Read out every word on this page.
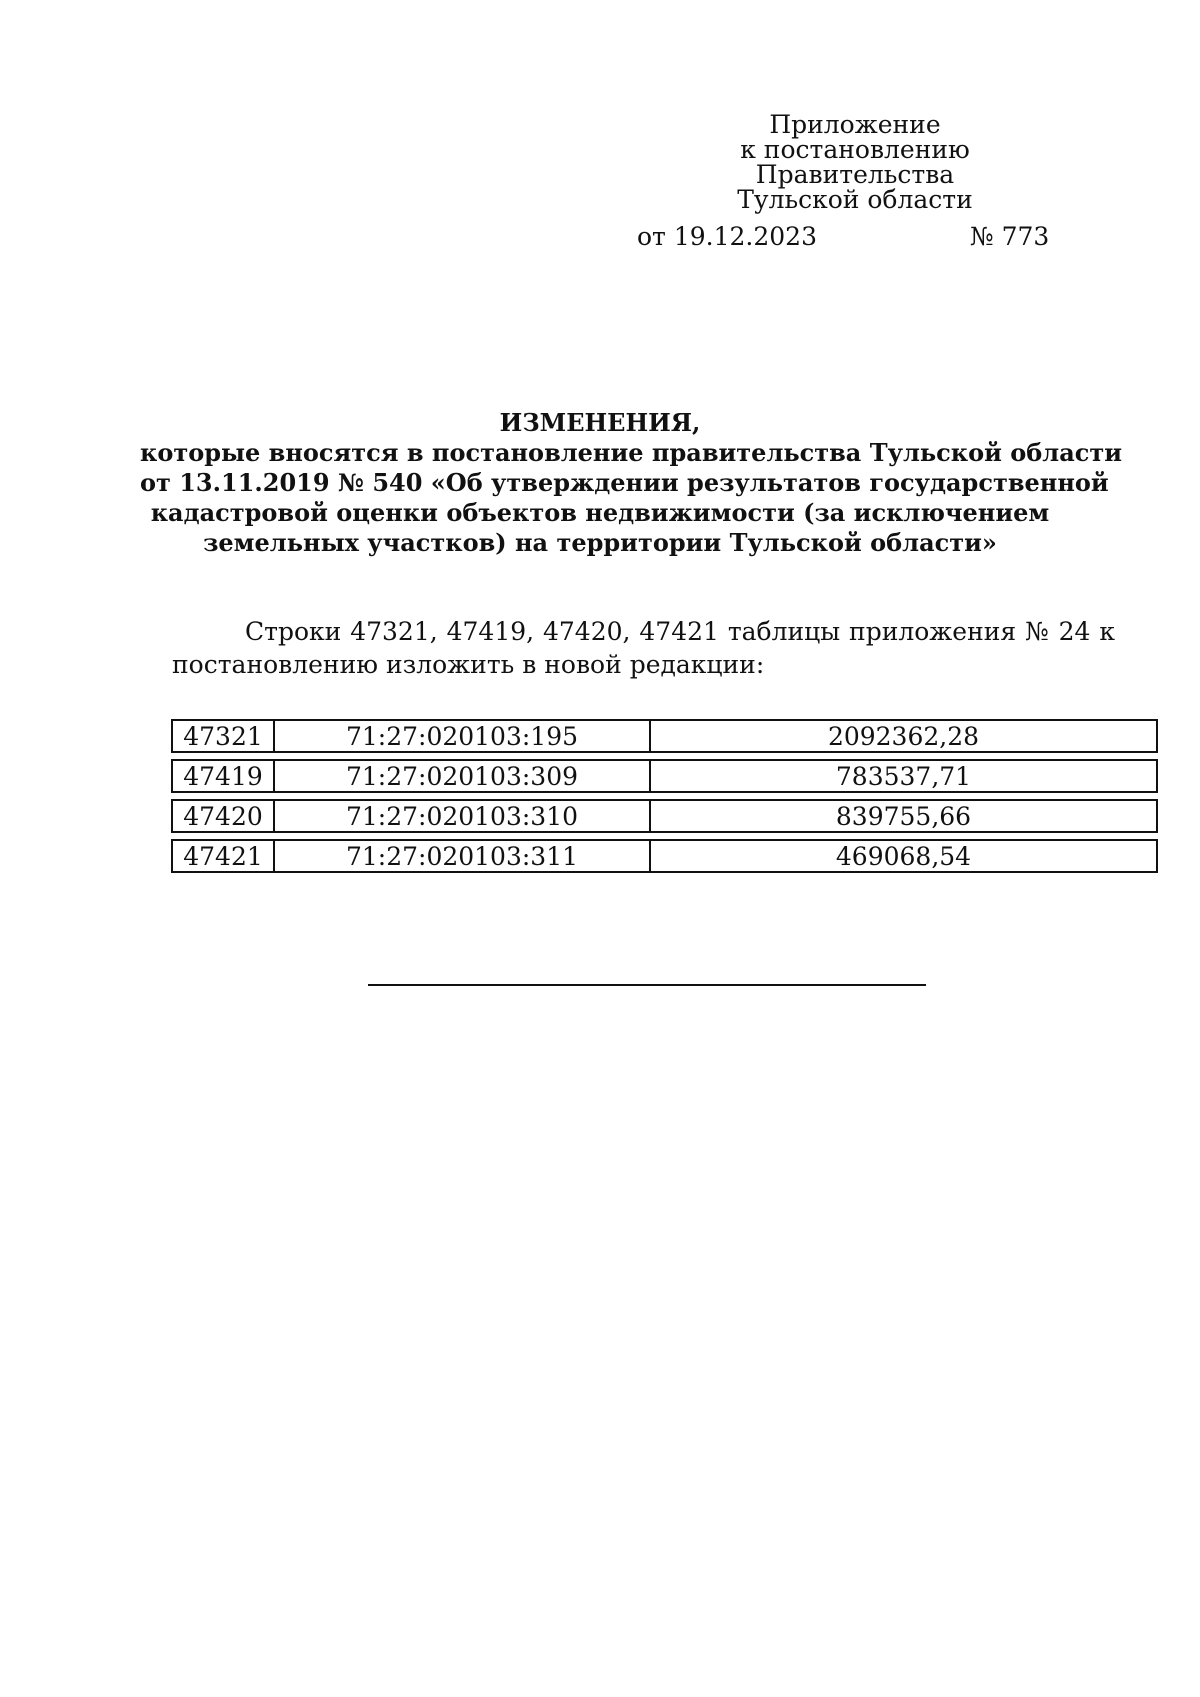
Приложение
к постановлению Правительства
Тульской области
от 19.12.2023	№ 773
ИЗМЕНЕНИЯ,
которые вносятся в постановление правительства Тульской области
от 13.11.2019 № 540 «Об утверждении результатов государственной
кадастровой оценки объектов недвижимости (за исключением
земельных участков) на территории Тульской области»
Строки 47321, 47419, 47420, 47421 таблицы приложения № 24 к постановлению изложить в новой редакции:
47321	71:27:020103:195	2092362,28
47419	71:27:020103:309	783537,71
47420	71:27:020103:310	839755,66
47421	71:27:020103:311	469068,54
